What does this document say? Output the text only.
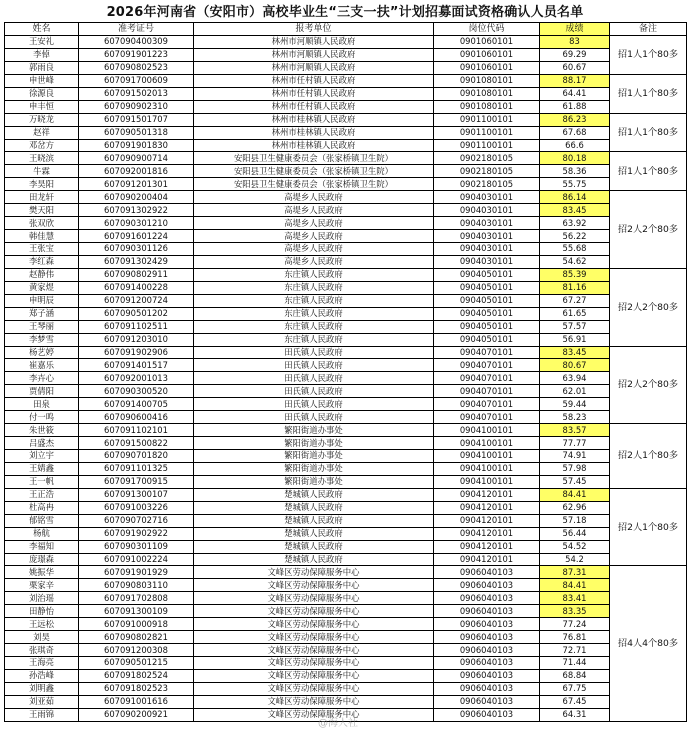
2026年河南省（安阳市）高校毕业生“三支一扶”计划招募面试资格确认人员名单
姓名	准考证号	报考单位	岗位代码	成绩	备注
王安礼	607090400309	林州市河顺镇人民政府	0901060101	83	招1人1个80多
李倬	607091901223	林州市河顺镇人民政府	0901060101	69.29	
郭雨良	607090802523	林州市河顺镇人民政府	0901060101	60.67	
申世峰	607091700609	林州市任村镇人民政府	0901080101	88.17	招1人1个80多
徐源良	607091502013	林州市任村镇人民政府	0901080101	64.41	
申丰恒	607090902310	林州市任村镇人民政府	0901080101	61.88	
万晓龙	607091501707	林州市桂林镇人民政府	0901100101	86.23	招1人1个80多
赵祥	607090501318	林州市桂林镇人民政府	0901100101	67.68	
邓岔方	607091901830	林州市桂林镇人民政府	0901100101	66.6	
王晓滨	607090900714	安阳县卫生健康委员会（张家桥镇卫生院）	0902180105	80.18	招1人1个80多
牛霖	607092001816	安阳县卫生健康委员会（张家桥镇卫生院）	0902180105	58.36	
李昊阳	607091201301	安阳县卫生健康委员会（张家桥镇卫生院）	0902180105	55.75	
田龙轩	607090200404	高堤乡人民政府	0904030101	86.14	招2人2个80多
樊天阳	607091302922	高堤乡人民政府	0904030101	83.45	
张双欣	607090301210	高堤乡人民政府	0904030101	63.92	
韩佳慧	607091601224	高堤乡人民政府	0904030101	56.22	
王张宝	607090301126	高堤乡人民政府	0904030101	55.68	
李红森	607091302429	高堤乡人民政府	0904030101	54.62	
赵静伟	607090802911	东庄镇人民政府	0904050101	85.39	招2人2个80多
黄家煜	607091400228	东庄镇人民政府	0904050101	81.16	
申明辰	607091200724	东庄镇人民政府	0904050101	67.27	
郑子涵	607090501202	东庄镇人民政府	0904050101	61.65	
王琴丽	607091102511	东庄镇人民政府	0904050101	57.57	
李梦雪	607091203010	东庄镇人民政府	0904050101	56.91	
杨艺婷	607091902906	田氏镇人民政府	0904070101	83.45	招2人2个80多
崔嘉乐	607091401517	田氏镇人民政府	0904070101	80.67	
李卉心	607092001013	田氏镇人民政府	0904070101	63.94	
贾倩阳	607090300520	田氏镇人民政府	0904070101	62.01	
田泉	607091400705	田氏镇人民政府	0904070101	59.44	
付一鸣	607090600416	田氏镇人民政府	0904070101	58.23	
朱世筱	607091102101	繁阳街道办事处	0904100101	83.57	招2人1个80多
吕盛杰	607091500822	繁阳街道办事处	0904100101	77.77	
刘立宇	607090701820	繁阳街道办事处	0904100101	74.91	
王婧鑫	607091101325	繁阳街道办事处	0904100101	57.98	
王一帆	607091700915	繁阳街道办事处	0904100101	57.45	
王正浩	607091300107	楚城镇人民政府	0904120101	84.41	招2人1个80多
杜高冉	607091003226	楚城镇人民政府	0904120101	62.96	
郁铭雪	607090702716	楚城镇人民政府	0904120101	57.18	
杨航	607091902922	楚城镇人民政府	0904120101	56.44	
李福知	607090301109	楚城镇人民政府	0904120101	54.52	
庞璟森	607091002224	楚城镇人民政府	0904120101	54.2	
姚振华	607091901929	文峰区劳动保障服务中心	0906040103	87.31	招4人4个80多
栗家辛	607090803110	文峰区劳动保障服务中心	0906040103	84.41	
刘治瑶	607091702808	文峰区劳动保障服务中心	0906040103	83.41	
田静怡	607091300109	文峰区劳动保障服务中心	0906040103	83.35	
王远松	607091000918	文峰区劳动保障服务中心	0906040103	77.24	
刘昊	607090802821	文峰区劳动保障服务中心	0906040103	76.81	
张琪奇	607091200308	文峰区劳动保障服务中心	0906040103	72.71	
王海亮	607090501215	文峰区劳动保障服务中心	0906040103	71.44	
孙浩峰	607091802524	文峰区劳动保障服务中心	0906040103	68.84	
刘明鑫	607091802523	文峰区劳动保障服务中心	0906040103	67.75	
刘亚茹	607091001616	文峰区劳动保障服务中心	0906040103	67.45	
王雨锦	607090200921	文峰区劳动保障服务中心	0906040103	64.31	
@海人社
